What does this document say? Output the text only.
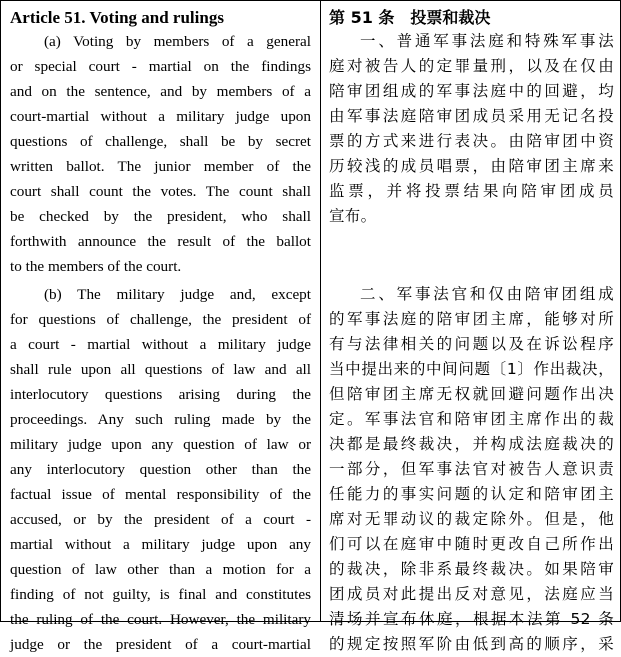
Article 51. Voting and rulings
(a) Voting by members of a general
or special court - martial on the findings
and on the sentence, and by members of a
court-martial without a military judge upon
questions of challenge, shall be by secret
written ballot. The junior member of the
court shall count the votes. The count shall
be checked by the president, who shall
forthwith announce the result of the ballot
to the members of the court.
(b) The military judge and, except
for questions of challenge, the president of
a court - martial without a military judge
shall rule upon all questions of law and all
interlocutory questions arising during the
proceedings. Any such ruling made by the
military judge upon any question of law or
any interlocutory question other than the
factual issue of mental responsibility of the
accused, or by the president of a court -
martial without a military judge upon any
question of law other than a motion for a
finding of not guilty, is final and constitutes
the ruling of the court. However, the military
judge or the president of a court-martial
第 51 条　投票和裁决
一、普通军事法庭和特殊军事法
庭对被告人的定罪量刑，以及在仅由
陪审团组成的军事法庭中的回避，均
由军事法庭陪审团成员采用无记名投
票的方式来进行表决。由陪审团中资
历较浅的成员唱票，由陪审团主席来
监票，并将投票结果向陪审团成员
宣布。
二、军事法官和仅由陪审团组成
的军事法庭的陪审团主席，能够对所
有与法律相关的问题以及在诉讼程序
当中提出来的中间问题〔1〕作出裁决，
但陪审团主席无权就回避问题作出决
定。军事法官和陪审团主席作出的裁
决都是最终裁决，并构成法庭裁决的
一部分，但军事法官对被告人意识责
任能力的事实问题的认定和陪审团主
席对无罪动议的裁定除外。但是，他
们可以在庭审中随时更改自己所作出
的裁决，除非系最终裁决。如果陪审
团成员对此提出反对意见，法庭应当
清场并宣布休庭，根据本法第 52 条
的规定按照军阶由低到高的顺序，采
